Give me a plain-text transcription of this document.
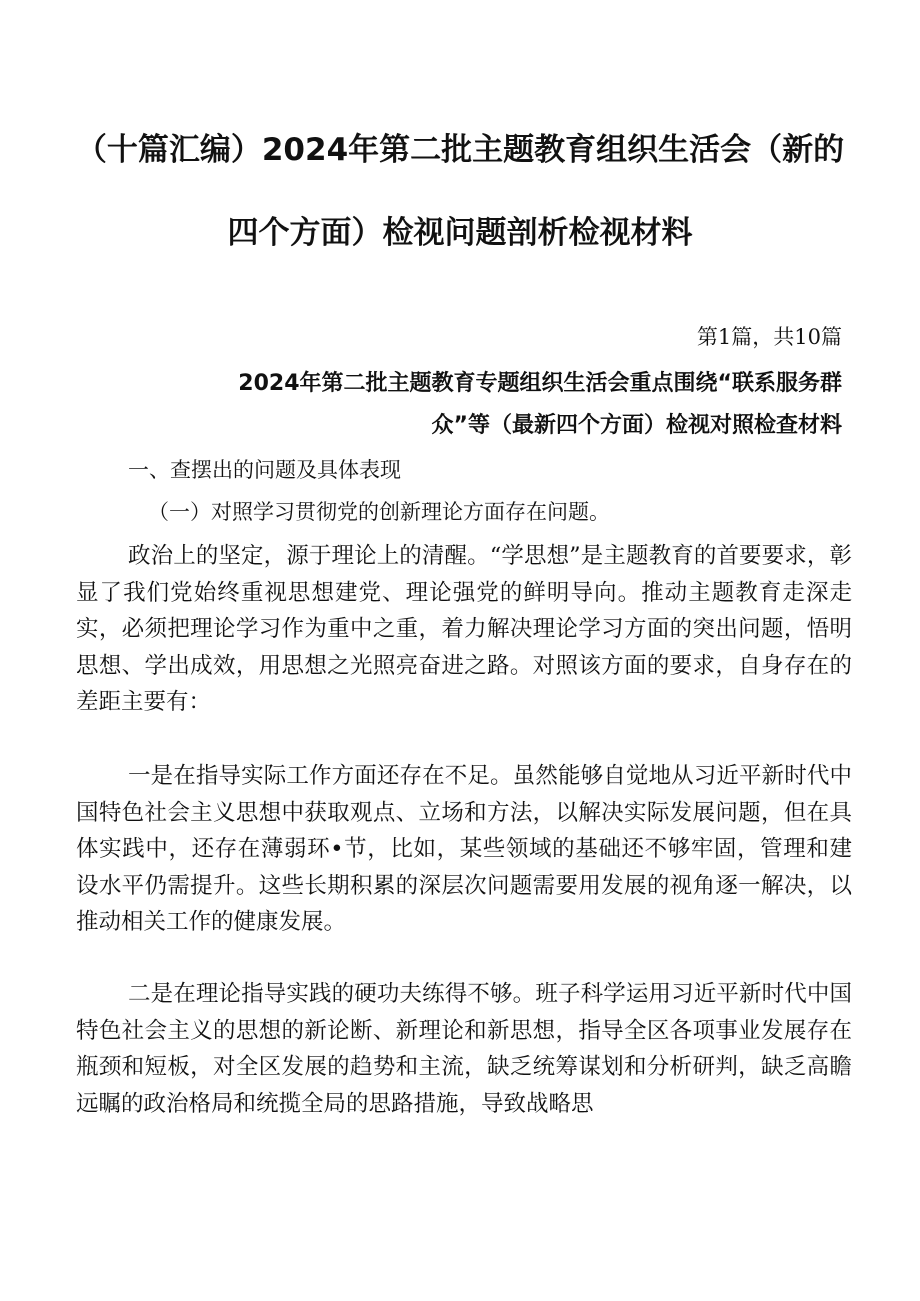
（十篇汇编）2024年第二批主题教育组织生活会（新的
四个方面）检视问题剖析检视材料
第1篇，共10篇
2024年第二批主题教育专题组织生活会重点围绕“联系服务群
众”等（最新四个方面）检视对照检查材料
一、查摆出的问题及具体表现
（一）对照学习贯彻党的创新理论方面存在问题。

政治上的坚定，源于理论上的清醒。“学思想”是主题教育的首要要求，彰显了我们党始终重视思想建党、理论强党的鲜明导向。推动主题教育走深走实，必须把理论学习作为重中之重，着力解决理论学习方面的突出问题，悟明思想、学出成效，用思想之光照亮奋进之路。对照该方面的要求，自身存在的差距主要有：

一是在指导实际工作方面还存在不足。虽然能够自觉地从习近平新时代中国特色社会主义思想中获取观点、立场和方法，以解决实际发展问题，但在具体实践中，还存在薄弱环•节，比如，某些领域的基础还不够牢固，管理和建设水平仍需提升。这些长期积累的深层次问题需要用发展的视角逐一解决，以推动相关工作的健康发展。

二是在理论指导实践的硬功夫练得不够。班子科学运用习近平新时代中国特色社会主义的思想的新论断、新理论和新思想，指导全区各项事业发展存在瓶颈和短板，对全区发展的趋势和主流，缺乏统筹谋划和分析研判，缺乏高瞻远瞩的政治格局和统揽全局的思路措施，导致战略思
